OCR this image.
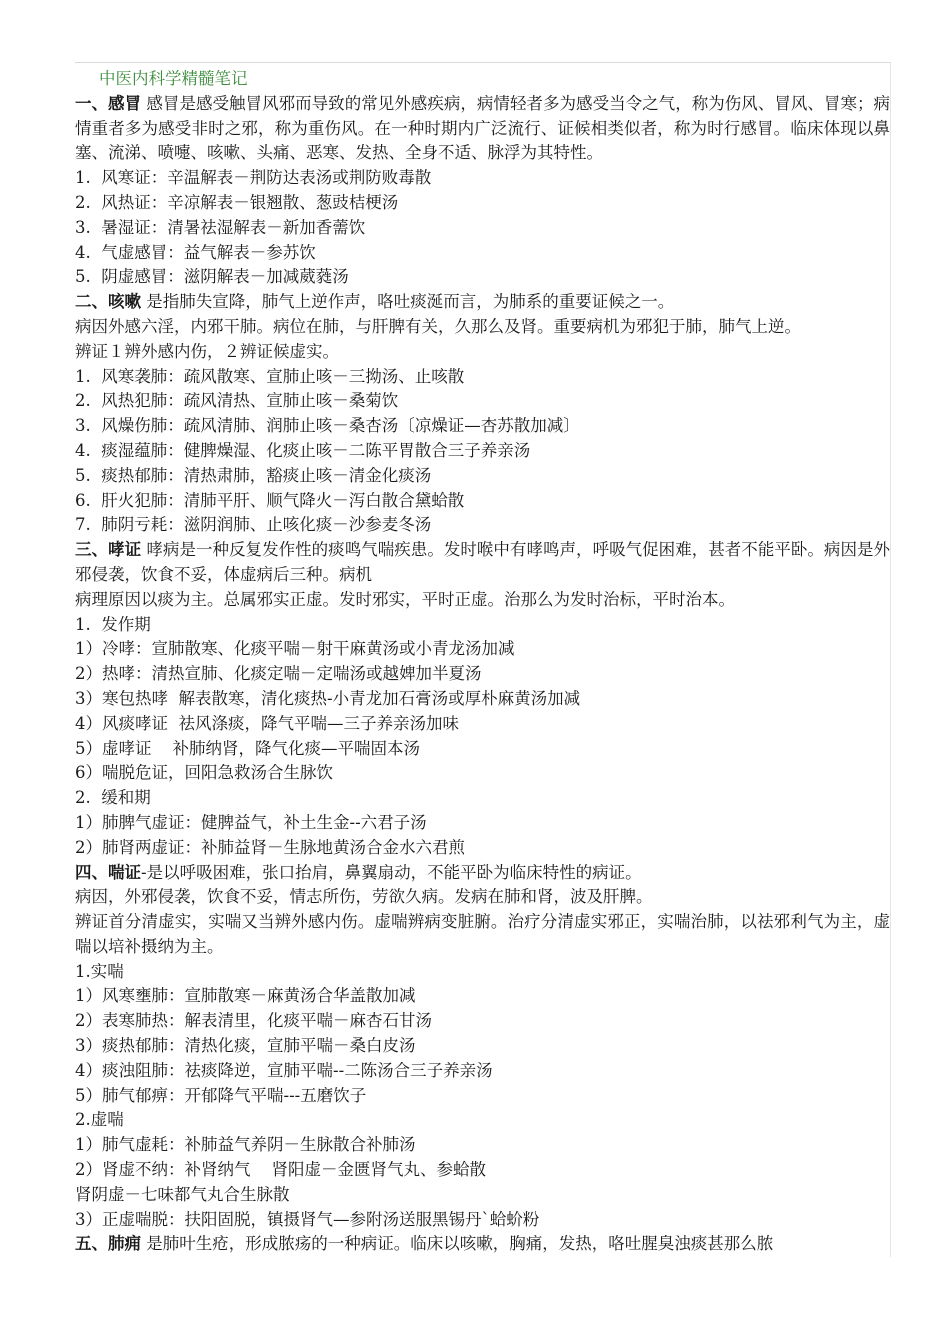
中医内科学精髓笔记

一、感冒 感冒是感受触冒风邪而导致的常见外感疾病，病情轻者多为感受当令之气，称为伤风、冒风、冒寒；病情重者多为感受非时之邪，称为重伤风。在一种时期内广泛流行、证候相类似者，称为时行感冒。临床体现以鼻塞、流涕、喷嚏、咳嗽、头痛、恶寒、发热、全身不适、脉浮为其特性。

1.  风寒证：辛温解表－荆防达表汤或荆防败毒散

2.  风热证：辛凉解表－银翘散、葱豉桔梗汤

3.  暑湿证：清暑祛湿解表－新加香薷饮

4.  气虚感冒：益气解表－参苏饮

5.  阴虚感冒：滋阴解表－加减葳蕤汤

二、咳嗽 是指肺失宣降，肺气上逆作声，咯吐痰涎而言，为肺系的重要证候之一。

病因外感六淫，内邪干肺。病位在肺，与肝脾有关，久那么及肾。重要病机为邪犯于肺，肺气上逆。

辨证１辨外感内伤，２辨证候虚实。

1.  风寒袭肺：疏风散寒、宣肺止咳－三拗汤、止咳散

2.  风热犯肺：疏风清热、宣肺止咳－桑菊饮

3.  风燥伤肺：疏风清肺、润肺止咳－桑杏汤〔凉燥证—杏苏散加减〕

4.  痰湿蕴肺：健脾燥湿、化痰止咳－二陈平胃散合三子养亲汤

5.  痰热郁肺：清热肃肺，豁痰止咳－清金化痰汤

6.  肝火犯肺：清肺平肝、顺气降火－泻白散合黛蛤散

7.  肺阴亏耗：滋阴润肺、止咳化痰－沙参麦冬汤

三、哮证 哮病是一种反复发作性的痰鸣气喘疾患。发时喉中有哮鸣声，呼吸气促困难，甚者不能平卧。病因是外邪侵袭，饮食不妥，体虚病后三种。病机

病理原因以痰为主。总属邪实正虚。发时邪实，平时正虚。治那么为发时治标，平时治本。

1.  发作期

1）冷哮：宣肺散寒、化痰平喘－射干麻黄汤或小青龙汤加减

2）热哮：清热宣肺、化痰定喘－定喘汤或越婢加半夏汤

3）寒包热哮  解表散寒，清化痰热-小青龙加石膏汤或厚朴麻黄汤加减

4）风痰哮证  祛风涤痰，降气平喘—三子养亲汤加味

5）虚哮证    补肺纳肾，降气化痰—平喘固本汤

6）喘脱危证，回阳急救汤合生脉饮

2.  缓和期

1）肺脾气虚证：健脾益气，补土生金--六君子汤

2）肺肾两虚证：补肺益肾－生脉地黄汤合金水六君煎

四、喘证-是以呼吸困难，张口抬肩，鼻翼扇动，不能平卧为临床特性的病证。

病因，外邪侵袭，饮食不妥，情志所伤，劳欲久病。发病在肺和肾，波及肝脾。

辨证首分清虚实，实喘又当辨外感内伤。虚喘辨病变脏腑。治疗分清虚实邪正，实喘治肺，以祛邪利气为主，虚喘以培补摄纳为主。

1.实喘

1）风寒壅肺：宣肺散寒－麻黄汤合华盖散加减

2）表寒肺热：解表清里，化痰平喘－麻杏石甘汤

3）痰热郁肺：清热化痰，宣肺平喘－桑白皮汤

4）痰浊阻肺：祛痰降逆，宣肺平喘--二陈汤合三子养亲汤

5）肺气郁痹：开郁降气平喘---五磨饮子

2.虚喘

1）肺气虚耗：补肺益气养阴－生脉散合补肺汤

2）肾虚不纳：补肾纳气    肾阳虚－金匮肾气丸、参蛤散

肾阴虚－七味都气丸合生脉散

3）正虚喘脱：扶阳固脱，镇摄肾气—参附汤送服黑锡丹`蛤蚧粉

五、肺痈 是肺叶生疮，形成脓疡的一种病证。临床以咳嗽，胸痛，发热，咯吐腥臭浊痰甚那么脓
